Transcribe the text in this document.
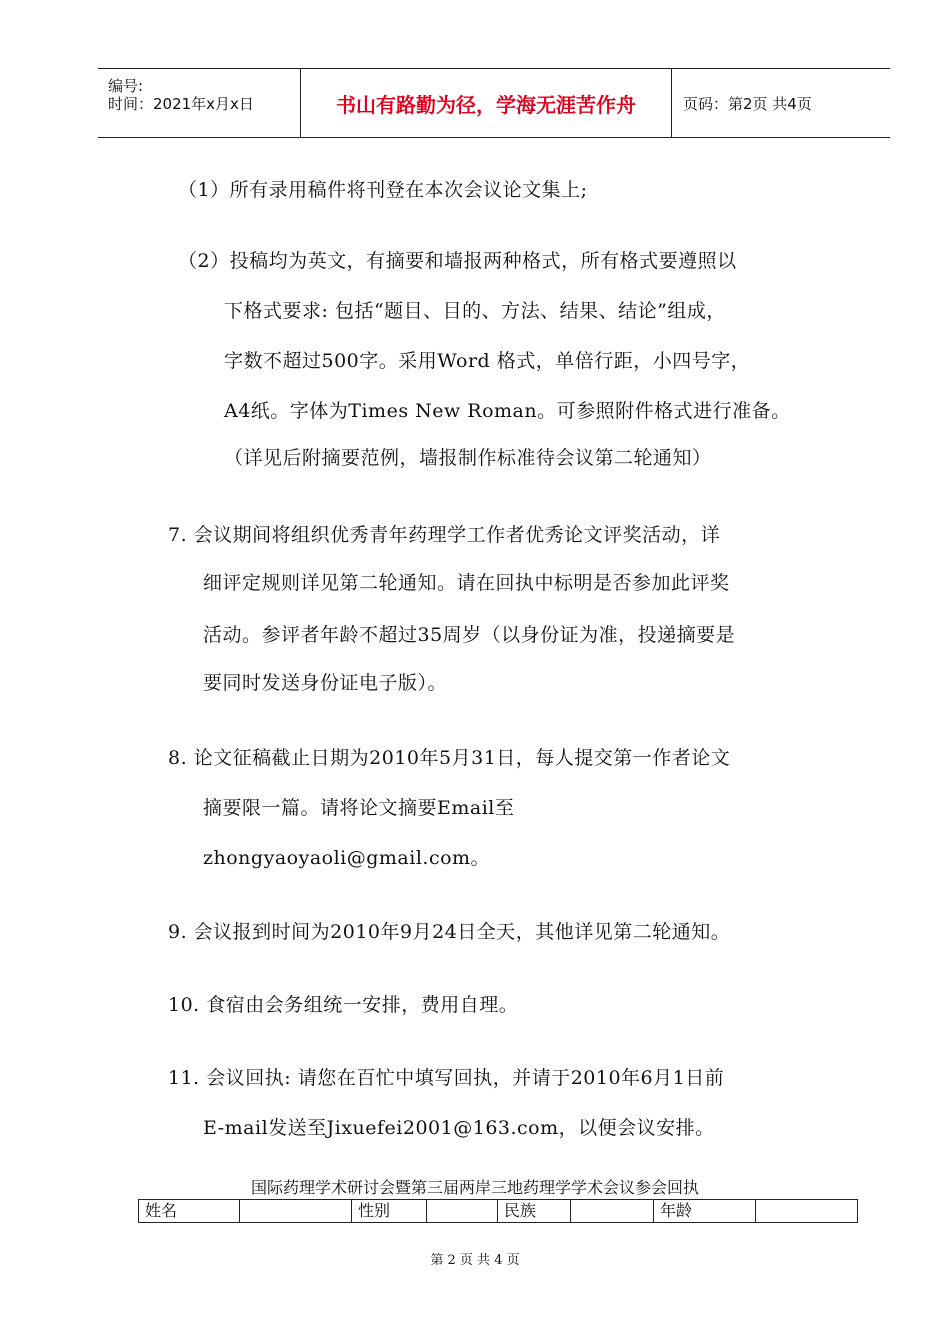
编号:
时间：2021年x月x日	书山有路勤为径，学海无涯苦作舟	页码：第2页 共4页
（1）所有录用稿件将刊登在本次会议论文集上;
（2）投稿均为英文，有摘要和墙报两种格式，所有格式要遵照以
下格式要求: 包括“题目、目的、方法、结果、结论”组成，
字数不超过500字。采用Word 格式，单倍行距，小四号字，
A4纸。字体为Times New Roman。可参照附件格式进行准备。
（详见后附摘要范例，墙报制作标准待会议第二轮通知）
7. 会议期间将组织优秀青年药理学工作者优秀论文评奖活动，详
细评定规则详见第二轮通知。请在回执中标明是否参加此评奖
活动。参评者年龄不超过35周岁（以身份证为准，投递摘要是
要同时发送身份证电子版）。
8. 论文征稿截止日期为2010年5月31日，每人提交第一作者论文
摘要限一篇。请将论文摘要Email至
zhongyaoyaoli@gmail.com。
9. 会议报到时间为2010年9月24日全天，其他详见第二轮通知。
10. 食宿由会务组统一安排，费用自理。
11. 会议回执: 请您在百忙中填写回执，并请于2010年6月1日前
E-mail发送至Jixuefei2001@163.com，以便会议安排。
国际药理学术研讨会暨第三届两岸三地药理学学术会议参会回执
姓名	性别	民族	年龄
第 2 页 共 4 页
